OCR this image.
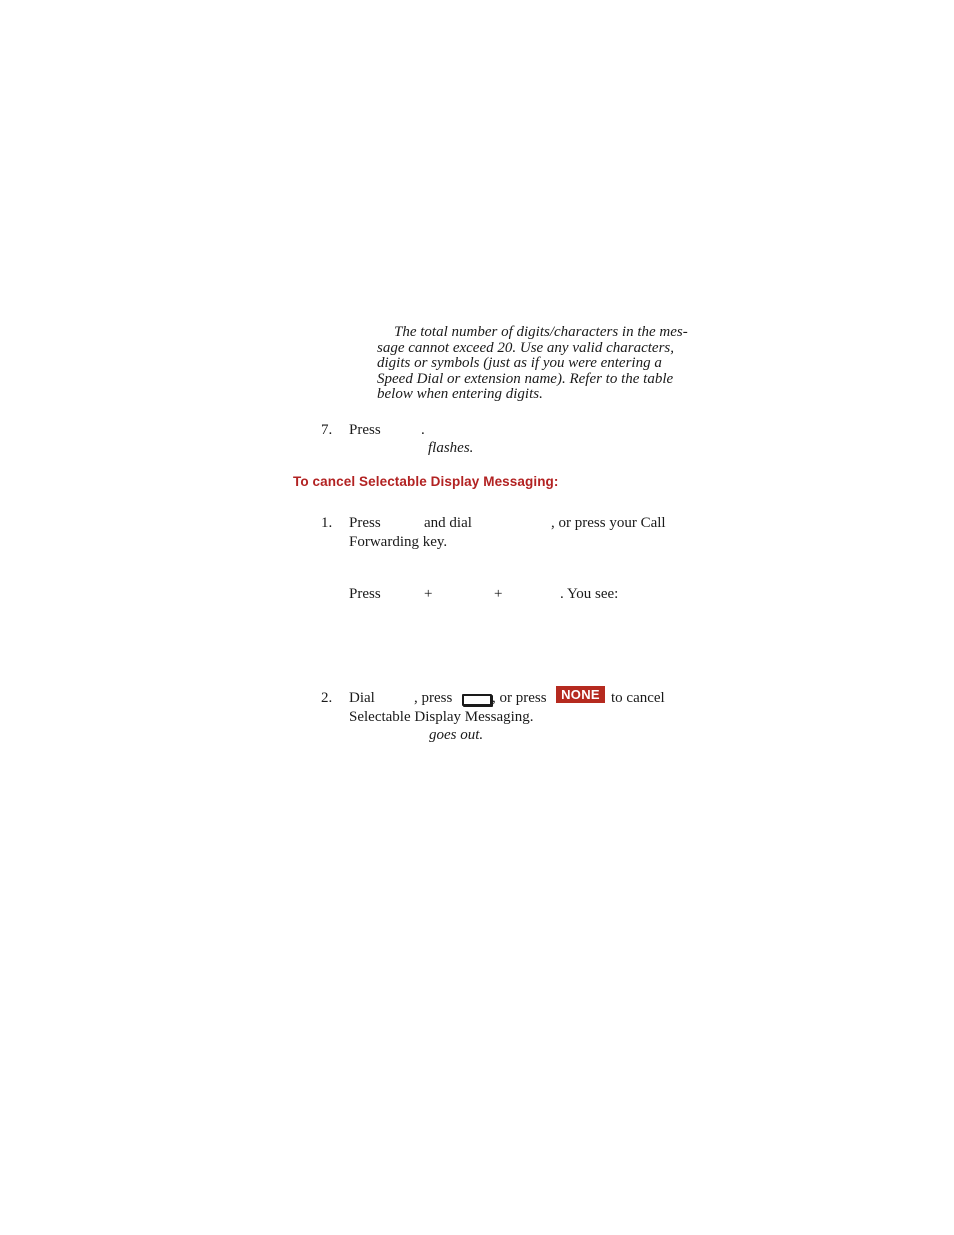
The total number of digits/characters in the mes-
sage cannot exceed 20. Use any valid characters,
digits or symbols (just as if you were entering a
Speed Dial or extension name). Refer to the table
below when entering digits.
7. Press	.
flashes.
To cancel Selectable Display Messaging:
1. Press	and dial	, or press your Call
Forwarding key.
Press	+	+	. You see:
2. Dial	, press	, or press	NONE to cancel
Selectable Display Messaging.
goes out.
